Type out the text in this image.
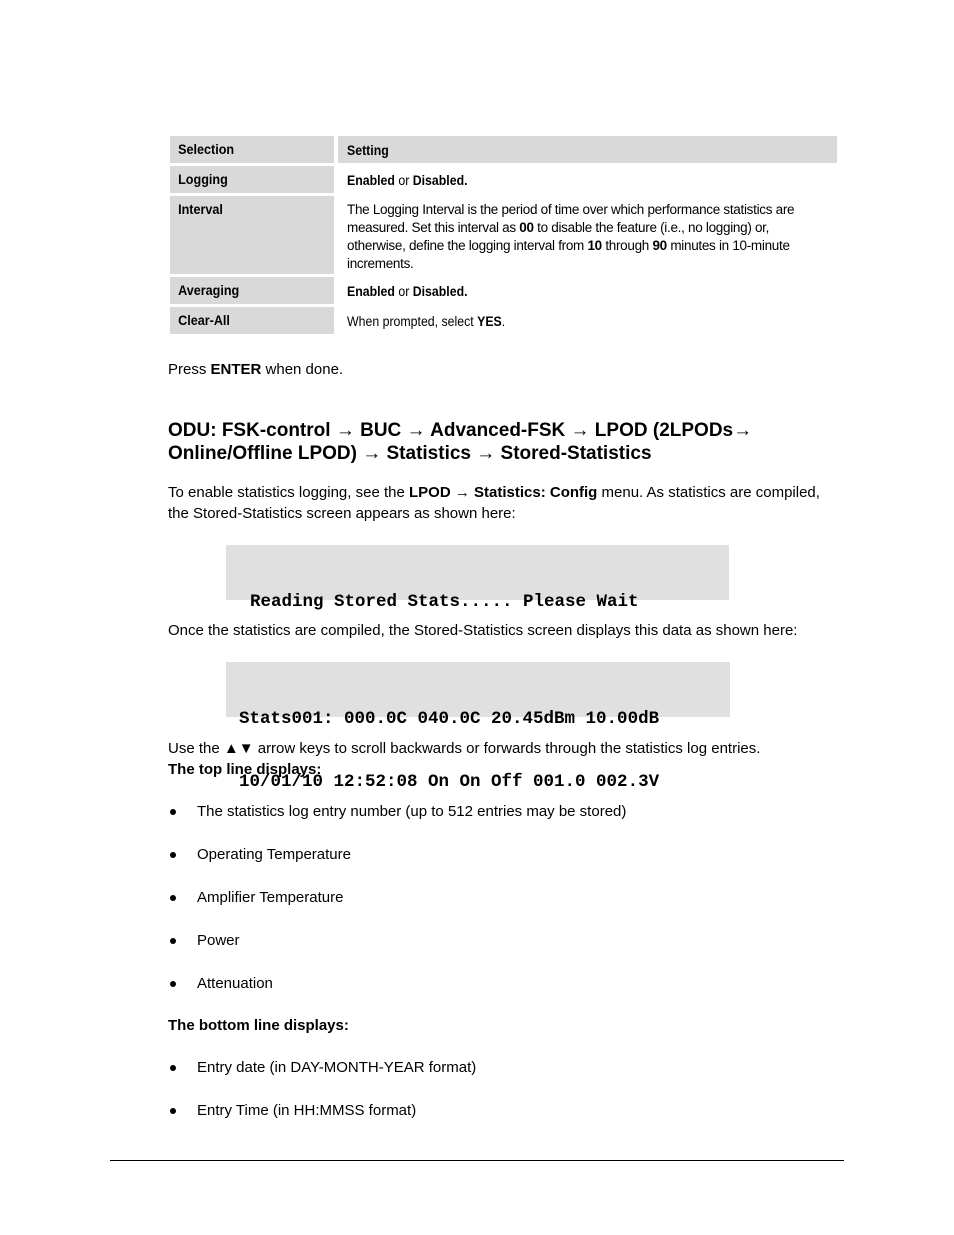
Selection	Setting
Logging	Enabled or Disabled.
Interval	The Logging Interval is the period of time over which performance statistics are measured. Set this interval as 00 to disable the feature (i.e., no logging) or, otherwise, define the logging interval from 10 through 90 minutes in 10-minute increments.
Averaging	Enabled or Disabled.
Clear-All	When prompted, select YES.
Press ENTER when done.
ODU: FSK-control → BUC → Advanced-FSK → LPOD (2LPODs→ Online/Offline LPOD) → Statistics → Stored-Statistics
To enable statistics logging, see the LPOD → Statistics: Config menu. As statistics are compiled, the Stored-Statistics screen appears as shown here:

Reading Stored Stats..... Please Wait

Once the statistics are compiled, the Stored-Statistics screen displays this data as shown here:

Stats001: 000.0C 040.0C 20.45dBm 10.00dB

10/01/10 12:52:08 On On Off 001.0 002.3V

Use the ▲▼ arrow keys to scroll backwards or forwards through the statistics log entries.
The top line displays:
The statistics log entry number (up to 512 entries may be stored)
Operating Temperature
Amplifier Temperature
Power
Attenuation
The bottom line displays:
Entry date (in DAY-MONTH-YEAR format)
Entry Time (in HH:MMSS format)
